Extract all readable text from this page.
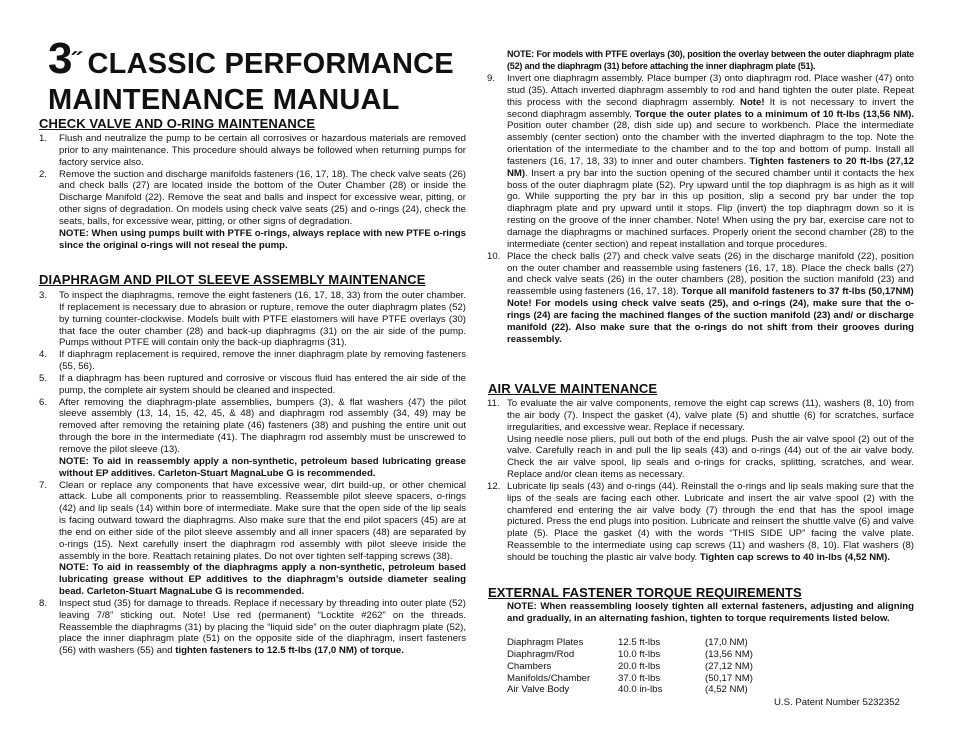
3˝ CLASSIC PERFORMANCE
MAINTENANCE MANUAL
CHECK VALVE AND O-RING MAINTENANCE
1.	Flush and neutralize the pump to be certain all corrosives or hazardous materials are removed prior to any maintenance. This procedure should always be followed when returning pumps for factory service also.
2.	Remove the suction and discharge manifolds fasteners (16, 17, 18). The check valve seats (26) and check balls (27) are located inside the bottom of the Outer Chamber (28) or inside the Discharge Manifold (22). Remove the seat and balls and inspect for excessive wear, pitting, or other signs of degradation. On models using check valve seats (25) and o-rings (24), check the seats, balls, for excessive wear, pitting, or other signs of degradation.
NOTE: When using pumps built with PTFE o-rings, always replace with new PTFE o-rings since the original o-rings will not reseal the pump.
DIAPHRAGM AND PILOT SLEEVE ASSEMBLY MAINTENANCE
3.	To inspect the diaphragms, remove the eight fasteners (16, 17, 18, 33) from the outer chamber. If replacement is necessary due to abrasion or rupture, remove the outer diaphragm plates (52) by turning counter-clockwise. Models built with PTFE elastomers will have PTFE overlays (30) that face the outer chamber (28) and back-up diaphragms (31) on the air side of the pump. Pumps without PTFE will contain only the back-up diaphragms (31).
4.	If diaphragm replacement is required, remove the inner diaphragm plate by removing fasteners (55, 56).
5.	If a diaphragm has been ruptured and corrosive or viscous fluid has entered the air side of the pump, the complete air system should be cleaned and inspected.
6.	After removing the diaphragm-plate assemblies, bumpers (3), & flat washers (47) the pilot sleeve assembly (13, 14, 15, 42, 45, & 48) and diaphragm rod assembly (34, 49) may be removed after removing the retaining plate (46) fasteners (38) and pushing the entire unit out through the bore in the intermediate (41). The diaphragm rod assembly must be unscrewed to remove the pilot sleeve (13).
NOTE: To aid in reassembly apply a non-synthetic, petroleum based lubricating grease without EP additives. Carleton-Stuart MagnaLube G is recommended.
7.	Clean or replace any components that have excessive wear, dirt build-up, or other chemical attack. Lube all components prior to reassembling. Reassemble pilot sleeve spacers, o-rings (42) and lip seals (14) within bore of intermediate. Make sure that the open side of the lip seals is facing outward toward the diaphragms. Also make sure that the end pilot spacers (45) are at the end on either side of the pilot sleeve assembly and all inner spacers (48) are separated by o-rings (15). Next carefully insert the diaphragm rod assembly with pilot sleeve inside the assembly in the bore. Reattach retaining plates. Do not over tighten self-tapping screws (38).
NOTE: To aid in reassembly of the diaphragms apply a non-synthetic, petroleum based lubricating grease without EP additives to the diaphragm’s outside diameter sealing bead. Carleton-Stuart MagnaLube G is recommended.
8.	Inspect stud (35) for damage to threads. Replace if necessary by threading into outer plate (52) leaving 7/8” sticking out. Note! Use red (permanent) “Locktite #262” on the threads. Reassemble the diaphragms (31) by placing the “liquid side” on the outer diaphragm plate (52), place the inner diaphragm plate (51) on the opposite side of the diaphragm, insert fasteners (56) with washers (55) and tighten fasteners to 12.5 ft-lbs (17,0 NM) of torque.
NOTE: For models with PTFE overlays (30), position the overlay between the outer diaphragm plate (52) and the diaphragm (31) before attaching the inner diaphragm plate (51).
9.	Invert one diaphragm assembly. Place bumper (3) onto diaphragm rod. Place washer (47) onto stud (35). Attach inverted diaphragm assembly to rod and hand tighten the outer plate. Repeat this process with the second diaphragm assembly. Note! It is not necessary to invert the second diaphragm assembly. Torque the outer plates to a minimum of 10 ft-lbs (13,56 NM). Position outer chamber (28, dish side up) and secure to workbench. Place the intermediate assembly (center section) onto the chamber with the inverted diaphragm to the top. Note the orientation of the intermediate to the chamber and to the top and bottom of pump. Install all fasteners (16, 17, 18, 33) to inner and outer chambers. Tighten fasteners to 20 ft-lbs (27,12 NM). Insert a pry bar into the suction opening of the secured chamber until it contacts the hex boss of the outer diaphragm plate (52). Pry upward until the top diaphragm is as high as it will go. While supporting the pry bar in this up position, slip a second pry bar under the top diaphragm plate and pry upward until it stops. Flip (invert) the top diaphragm down so it is resting on the groove of the inner chamber. Note! When using the pry bar, exercise care not to damage the diaphragms or machined surfaces. Properly orient the second chamber (28) to the intermediate (center section) and repeat installation and torque procedures.
10. Place the check balls (27) and check valve seats (26) in the discharge manifold (22), position on the outer chamber and reassemble using fasteners (16, 17, 18). Place the check balls (27) and check valve seats (26) in the outer chambers (28), position the suction manifold (23) and reassemble using fasteners (16, 17, 18). Torque all manifold fasteners to 37 ft-lbs (50,17NM)
Note! For models using check valve seats (25), and o-rings (24), make sure that the o-rings (24) are facing the machined flanges of the suction manifold (23) and/ or discharge manifold (22). Also make sure that the o-rings do not shift from their grooves during reassembly.
AIR VALVE MAINTENANCE
11. To evaluate the air valve components, remove the eight cap screws (11), washers (8, 10) from the air body (7). Inspect the gasket (4), valve plate (5) and shuttle (6) for scratches, surface irregularities, and excessive wear. Replace if necessary.
Using needle nose pliers, pull out both of the end plugs. Push the air valve spool (2) out of the valve. Carefully reach in and pull the lip seals (43) and o-rings (44) out of the air valve body. Check the air valve spool, lip seals and o-rings for cracks, splitting, scratches, and wear. Replace and/or clean items as necessary.
12. Lubricate lip seals (43) and o-rings (44). Reinstall the o-rings and lip seals making sure that the lips of the seals are facing each other. Lubricate and insert the air valve spool (2) with the chamfered end entering the air valve body (7) through the end that has the spool image pictured. Press the end plugs into position. Lubricate and reinsert the shuttle valve (6) and valve plate (5). Place the gasket (4) with the words “THIS SIDE UP” facing the valve plate. Reassemble to the intermediate using cap screws (11) and washers (8, 10). Flat washers (8) should be touching the plastic air valve body. Tighten cap screws to 40 in-lbs (4,52 NM).
EXTERNAL FASTENER TORQUE REQUIREMENTS
NOTE: When reassembling loosely tighten all external fasteners, adjusting and aligning and gradually, in an alternating fashion, tighten to torque requirements listed below.
Diaphragm Plates	12.5 ft-lbs	(17,0 NM)
Diaphragm/Rod	10.0 ft-lbs	(13,56 NM)
Chambers	20.0 ft-lbs	(27,12 NM)
Manifolds/Chamber	37.0 ft-lbs	(50,17 NM)
Air Valve Body	40.0 in-lbs	(4,52 NM)
U.S. Patent Number 5232352
